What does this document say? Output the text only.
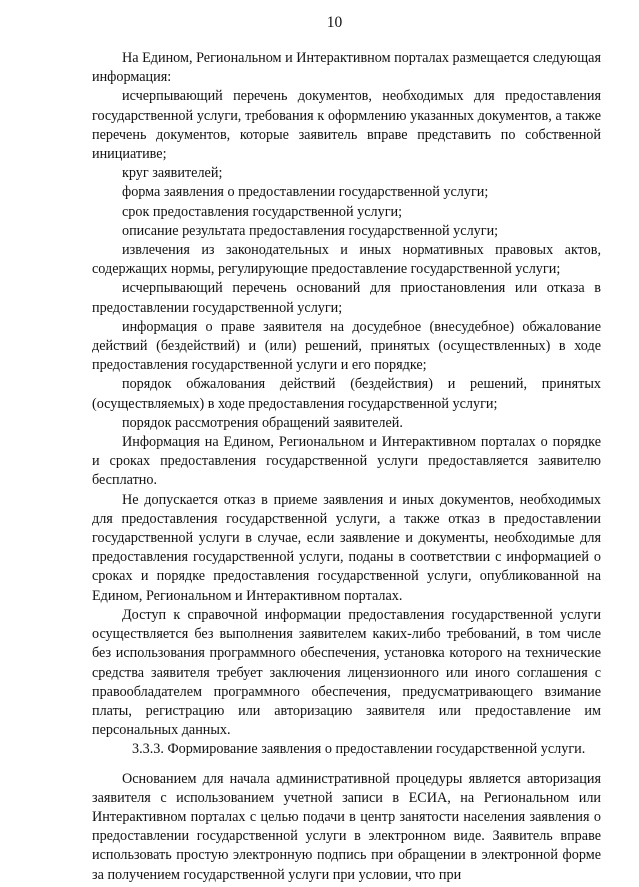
10

На Едином, Региональном и Интерактивном порталах размещается следующая информация:

исчерпывающий перечень документов, необходимых для предоставления государственной услуги, требования к оформлению указанных документов, а также перечень документов, которые заявитель вправе представить по собственной инициативе;

круг заявителей;

форма заявления о предоставлении государственной услуги;

срок предоставления государственной услуги;

описание результата предоставления государственной услуги;

извлечения из законодательных и иных нормативных правовых актов, содержащих нормы, регулирующие предоставление государственной услуги;

исчерпывающий перечень оснований для приостановления или отказа в предоставлении государственной услуги;

информация о праве заявителя на досудебное (внесудебное) обжалование действий (бездействий) и (или) решений, принятых (осуществленных) в ходе предоставления государственной услуги и его порядке;

порядок обжалования действий (бездействия) и решений, принятых (осуществляемых) в ходе предоставления государственной услуги;

порядок рассмотрения обращений заявителей.

Информация на Едином, Региональном и Интерактивном порталах о порядке и сроках предоставления государственной услуги предоставляется заявителю бесплатно.

Не допускается отказ в приеме заявления и иных документов, необходимых для предоставления государственной услуги, а также отказ в предоставлении государственной услуги в случае, если заявление и документы, необходимые для предоставления государственной услуги, поданы в соответствии с информацией о сроках и порядке предоставления государственной услуги, опубликованной на Едином, Региональном и Интерактивном порталах.

Доступ к справочной информации предоставления государственной услуги осуществляется без выполнения заявителем каких-либо требований, в том числе без использования программного обеспечения, установка которого на технические средства заявителя требует заключения лицензионного или иного соглашения с правообладателем программного обеспечения, предусматривающего взимание платы, регистрацию или авторизацию заявителя или предоставление им персональных данных.

3.3.3. Формирование заявления о предоставлении государственной услуги.

Основанием для начала административной процедуры является авторизация заявителя с использованием учетной записи в ЕСИА, на Региональном или Интерактивном порталах с целью подачи в центр занятости населения заявления о предоставлении государственной услуги в электронном виде. Заявитель вправе использовать простую электронную подпись при обращении в электронной форме за получением государственной услуги при условии, что при
